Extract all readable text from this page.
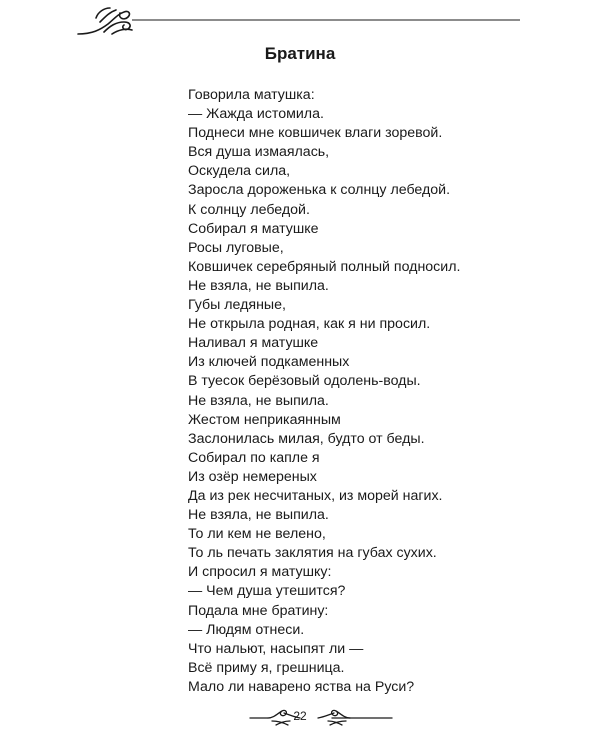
Братина
Говорила матушка:
— Жажда истомила.
Поднеси мне ковшичек влаги зоревой.
Вся душа измаялась,
Оскудела сила,
Заросла дороженька к солнцу лебедой.
К солнцу лебедой.
Собирал я матушке
Росы луговые,
Ковшичек серебряный полный подносил.
Не взяла, не выпила.
Губы ледяные,
Не открыла родная, как я ни просил.
Наливал я матушке
Из ключей подкаменных
В туесок берёзовый одолень-воды.
Не взяла, не выпила.
Жестом неприкаянным
Заслонилась милая, будто от беды.
Собирал по капле я
Из озёр немереных
Да из рек несчитаных, из морей нагих.
Не взяла, не выпила.
То ли кем не велено,
То ль печать заклятия на губах сухих.
И спросил я матушку:
— Чем душа утешится?
Подала мне братину:
— Людям отнеси.
Что нальют, насыпят ли —
Всё приму я, грешница.
Мало ли наварено яства на Руси?
22
